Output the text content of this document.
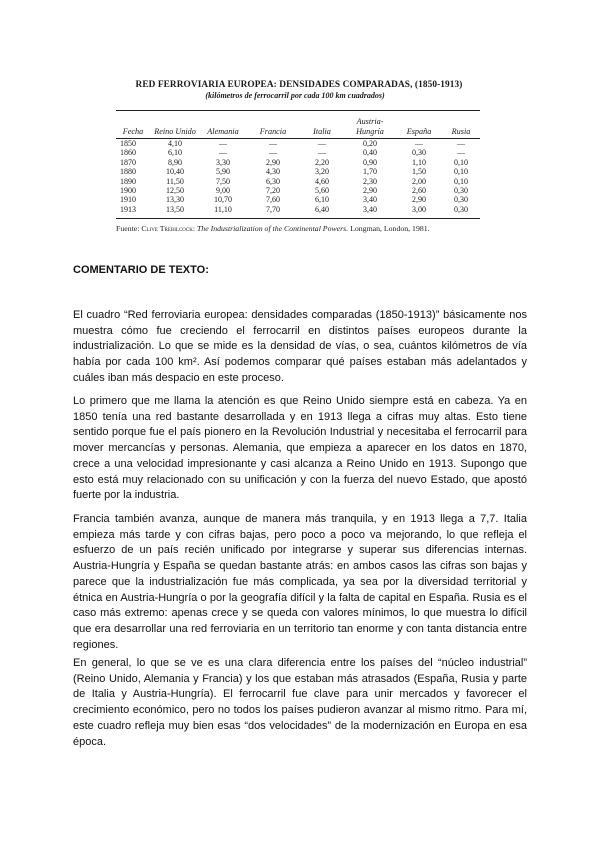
RED FERROVIARIA EUROPEA: DENSIDADES COMPARADAS, (1850-1913)
(kilómetros de ferrocarril por cada 100 km cuadrados)
Fecha	Reino Unido	Alemania	Francia	Italia	Austria-Hungría	España	Rusia
1850	4,10	—	—	—	0,20	—	—
1860	6,10	—	—	—	0,40	0,30	—
1870	8,90	3,30	2,90	2,20	0,90	1,10	0,10
1880	10,40	5,90	4,30	3,20	1,70	1,50	0,10
1890	11,50	7,50	6,30	4,60	2,30	2,00	0,10
1900	12,50	9,00	7,20	5,60	2,90	2,60	0,30
1910	13,30	10,70	7,60	6,10	3,40	2,90	0,30
1913	13,50	11,10	7,70	6,40	3,40	3,00	0,30
Fuente: Clive Trebilcock: The Industrialization of the Continental Powers. Longman, London, 1981.
COMENTARIO DE TEXTO:

El cuadro “Red ferroviaria europea: densidades comparadas (1850-1913)” básicamente nos muestra cómo fue creciendo el ferrocarril en distintos países europeos durante la industrialización. Lo que se mide es la densidad de vías, o sea, cuántos kilómetros de vía había por cada 100 km². Así podemos comparar qué países estaban más adelantados y cuáles iban más despacio en este proceso.

Lo primero que me llama la atención es que Reino Unido siempre está en cabeza. Ya en 1850 tenía una red bastante desarrollada y en 1913 llega a cifras muy altas. Esto tiene sentido porque fue el país pionero en la Revolución Industrial y necesitaba el ferrocarril para mover mercancías y personas. Alemania, que empieza a aparecer en los datos en 1870, crece a una velocidad impresionante y casi alcanza a Reino Unido en 1913. Supongo que esto está muy relacionado con su unificación y con la fuerza del nuevo Estado, que apostó fuerte por la industria.

Francia también avanza, aunque de manera más tranquila, y en 1913 llega a 7,7. Italia empieza más tarde y con cifras bajas, pero poco a poco va mejorando, lo que refleja el esfuerzo de un país recién unificado por integrarse y superar sus diferencias internas. Austria-Hungría y España se quedan bastante atrás: en ambos casos las cifras son bajas y parece que la industrialización fue más complicada, ya sea por la diversidad territorial y étnica en Austria-Hungría o por la geografía difícil y la falta de capital en España. Rusia es el caso más extremo: apenas crece y se queda con valores mínimos, lo que muestra lo difícil que era desarrollar una red ferroviaria en un territorio tan enorme y con tanta distancia entre regiones.

En general, lo que se ve es una clara diferencia entre los países del “núcleo industrial” (Reino Unido, Alemania y Francia) y los que estaban más atrasados (España, Rusia y parte de Italia y Austria-Hungría). El ferrocarril fue clave para unir mercados y favorecer el crecimiento económico, pero no todos los países pudieron avanzar al mismo ritmo. Para mí, este cuadro refleja muy bien esas “dos velocidades” de la modernización en Europa en esa época.
